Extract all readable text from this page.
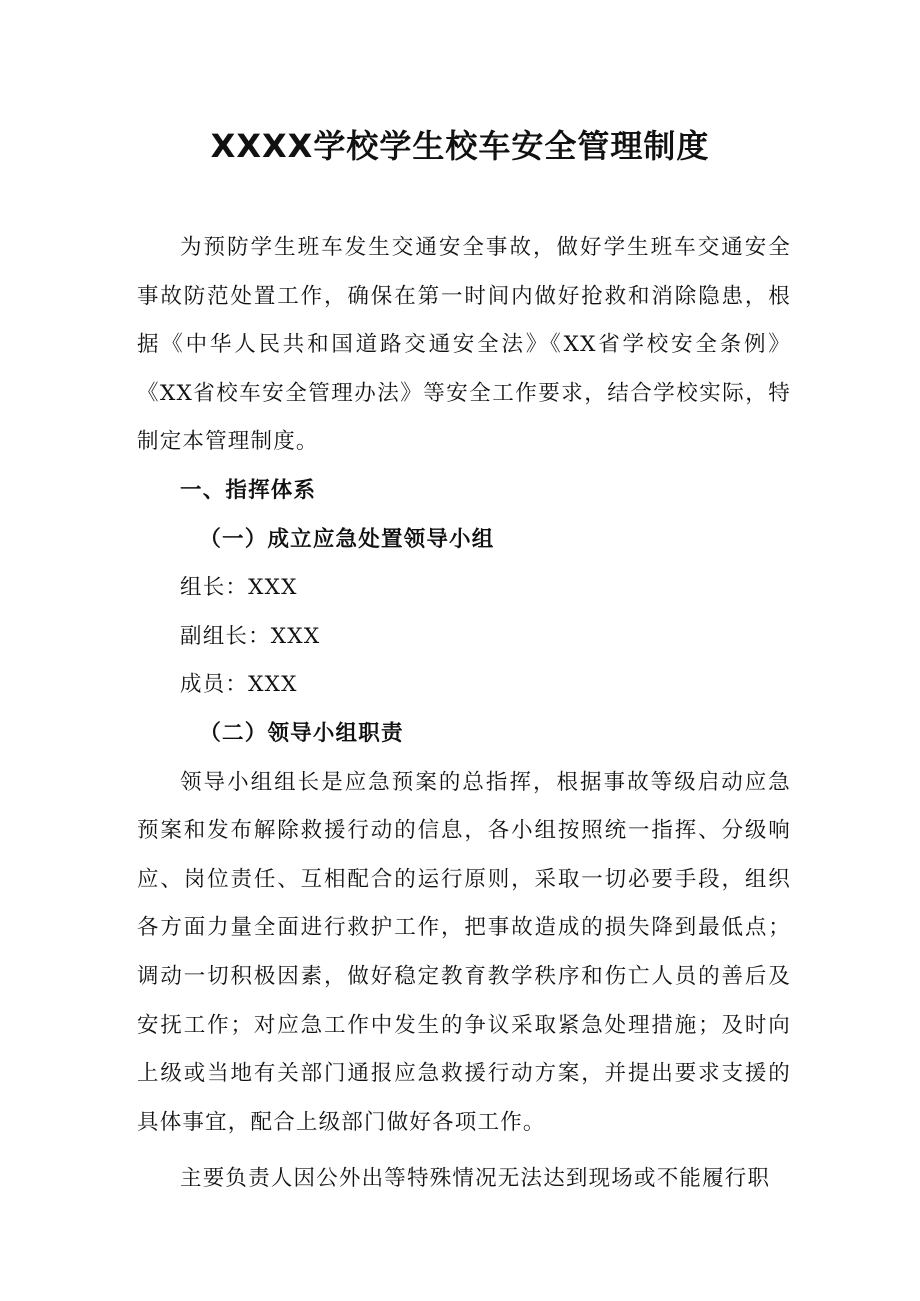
XXXX学校学生校车安全管理制度

为预防学生班车发生交通安全事故，做好学生班车交通安全事故防范处置工作，确保在第一时间内做好抢救和消除隐患，根据《中华人民共和国道路交通安全法》《XX省学校安全条例》《XX省校车安全管理办法》等安全工作要求，结合学校实际，特制定本管理制度。

一、指挥体系

（一）成立应急处置领导小组

组长：XXX

副组长：XXX

成员：XXX

（二）领导小组职责

领导小组组长是应急预案的总指挥，根据事故等级启动应急预案和发布解除救援行动的信息，各小组按照统一指挥、分级响应、岗位责任、互相配合的运行原则，采取一切必要手段，组织各方面力量全面进行救护工作，把事故造成的损失降到最低点；调动一切积极因素，做好稳定教育教学秩序和伤亡人员的善后及安抚工作；对应急工作中发生的争议采取紧急处理措施；及时向上级或当地有关部门通报应急救援行动方案，并提出要求支援的具体事宜，配合上级部门做好各项工作。

主要负责人因公外出等特殊情况无法达到现场或不能履行职
